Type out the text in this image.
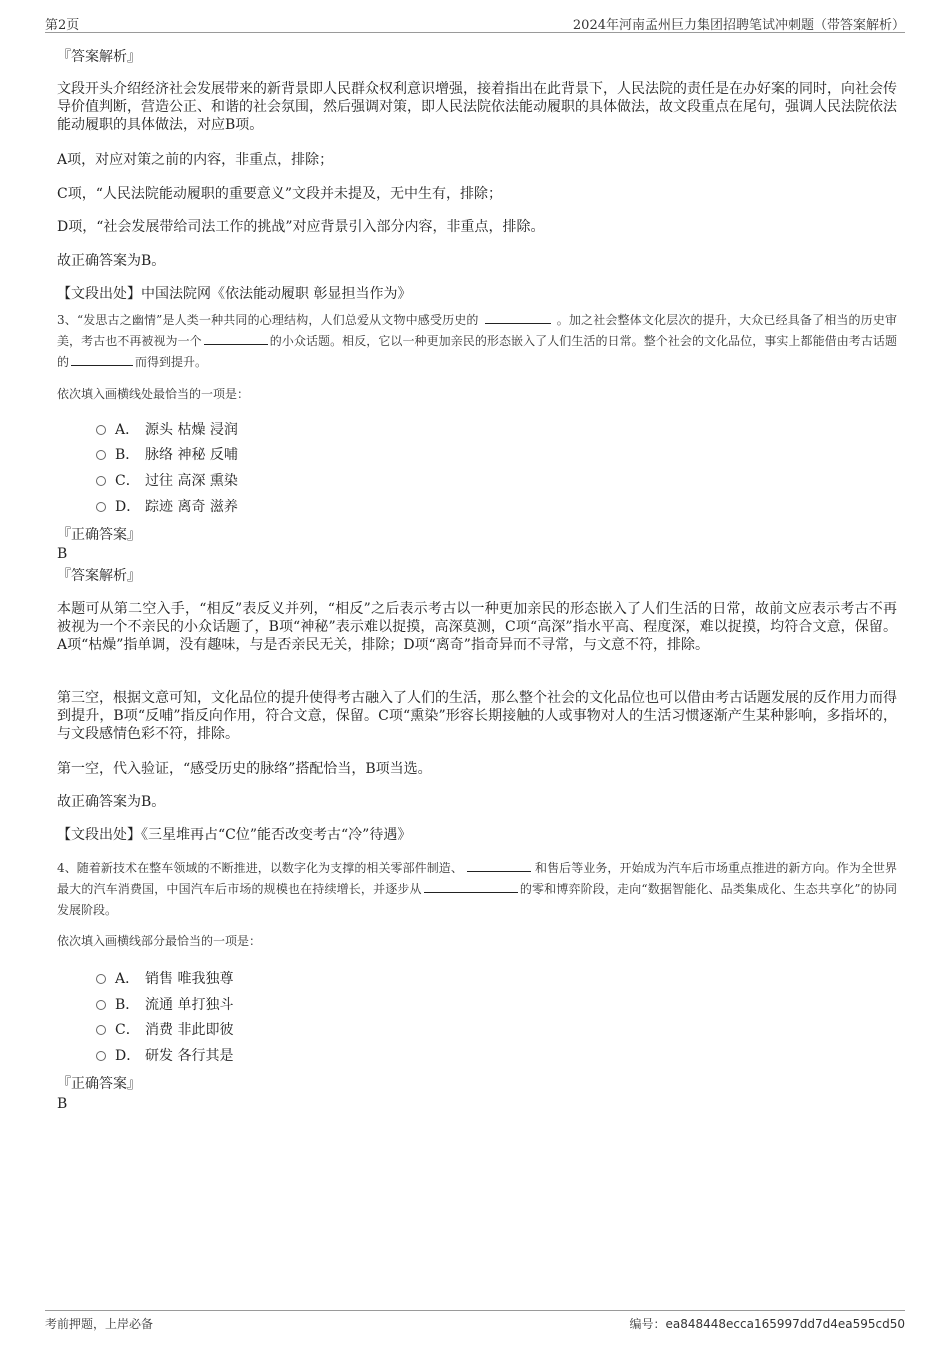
第2页	2024年河南孟州巨力集团招聘笔试冲刺题（带答案解析）
『答案解析』

文段开头介绍经济社会发展带来的新背景即人民群众权利意识增强，接着指出在此背景下，人民法院的责任是在办好案的同时，向社会传导价值判断，营造公正、和谐的社会氛围，然后强调对策，即人民法院依法能动履职的具体做法，故文段重点在尾句，强调人民法院依法能动履职的具体做法，对应B项。

A项，对应对策之前的内容，非重点，排除；

C项，“人民法院能动履职的重要意义”文段并未提及，无中生有，排除；

D项，“社会发展带给司法工作的挑战”对应背景引入部分内容，非重点，排除。

故正确答案为B。

【文段出处】中国法院网《依法能动履职 彰显担当作为》
3、“发思古之幽情”是人类一种共同的心理结构，人们总爱从文物中感受历史的	。加之社会整体文化层次的提升，大众已经具备了相当的历史审美，考古也不再被视为一个	的小众话题。相反，它以一种更加亲民的形态嵌入了人们生活的日常。整个社会的文化品位，事实上都能借由考古话题的	而得到提升。
依次填入画横线处最恰当的一项是：
A． 源头 枯燥 浸润
B． 脉络 神秘 反哺
C． 过往 高深 熏染
D． 踪迹 离奇 滋养
『正确答案』
B
『答案解析』

本题可从第二空入手，“相反”表反义并列，“相反”之后表示考古以一种更加亲民的形态嵌入了人们生活的日常，故前文应表示考古不再被视为一个不亲民的小众话题了，B项“神秘”表示难以捉摸，高深莫测，C项“高深”指水平高、程度深，难以捉摸，均符合文意，保留。A项“枯燥”指单调，没有趣味，与是否亲民无关，排除；D项“离奇”指奇异而不寻常，与文意不符，排除。

第三空，根据文意可知，文化品位的提升使得考古融入了人们的生活，那么整个社会的文化品位也可以借由考古话题发展的反作用力而得到提升，B项“反哺”指反向作用，符合文意，保留。C项“熏染”形容长期接触的人或事物对人的生活习惯逐渐产生某种影响，多指坏的，与文段感情色彩不符，排除。

第一空，代入验证，“感受历史的脉络”搭配恰当，B项当选。

故正确答案为B。

【文段出处】《三星堆再占“C位”能否改变考古“冷”待遇》
4、随着新技术在整车领域的不断推进，以数字化为支撑的相关零部件制造、	和售后等业务，开始成为汽车后市场重点推进的新方向。作为全世界最大的汽车消费国，中国汽车后市场的规模也在持续增长，并逐步从	的零和博弈阶段，走向“数据智能化、品类集成化、生态共享化”的协同发展阶段。
依次填入画横线部分最恰当的一项是：
A． 销售 唯我独尊
B． 流通 单打独斗
C． 消费 非此即彼
D． 研发 各行其是
『正确答案』
B
考前押题，上岸必备	编号：ea848448ecca165997dd7d4ea595cd50
